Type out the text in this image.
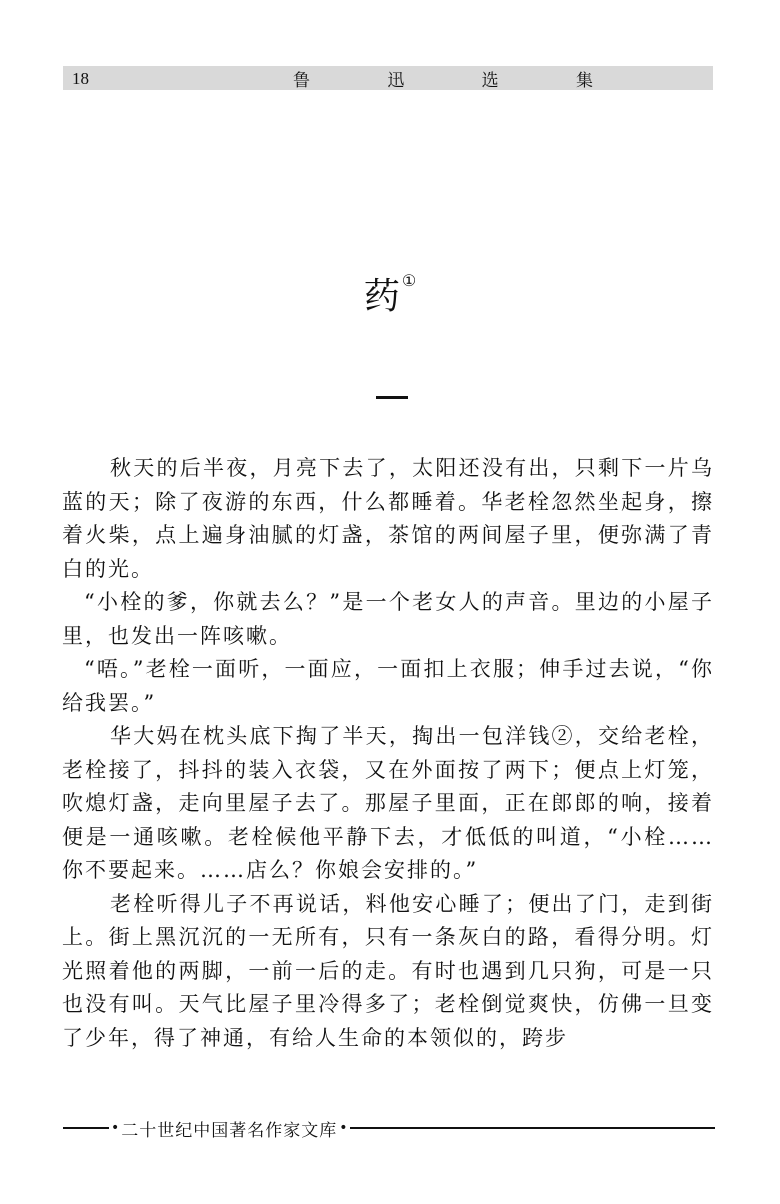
18	鲁	迅	选	集
药 ①

秋天的后半夜，月亮下去了，太阳还没有出，只剩下一片乌蓝的天；除了夜游的东西，什么都睡着。华老栓忽然坐起身，擦着火柴，点上遍身油腻的灯盏，茶馆的两间屋子里，便弥满了青白的光。

“小栓的爹，你就去么？”是一个老女人的声音。里边的小屋子里，也发出一阵咳嗽。

“唔。”老栓一面听，一面应，一面扣上衣服；伸手过去说，“你给我罢。”

华大妈在枕头底下掏了半天，掏出一包洋钱②，交给老栓，老栓接了，抖抖的装入衣袋，又在外面按了两下；便点上灯笼，吹熄灯盏，走向里屋子去了。那屋子里面，正在郎郎的响，接着便是一通咳嗽。老栓候他平静下去，才低低的叫道，“小栓……你不要起来。……店么？你娘会安排的。”

老栓听得儿子不再说话，料他安心睡了；便出了门，走到街上。街上黑沉沉的一无所有，只有一条灰白的路，看得分明。灯光照着他的两脚，一前一后的走。有时也遇到几只狗，可是一只也没有叫。天气比屋子里冷得多了；老栓倒觉爽快，仿佛一旦变了少年，得了神通，有给人生命的本领似的，跨步

• 二十世纪中国著名作家文库 •
